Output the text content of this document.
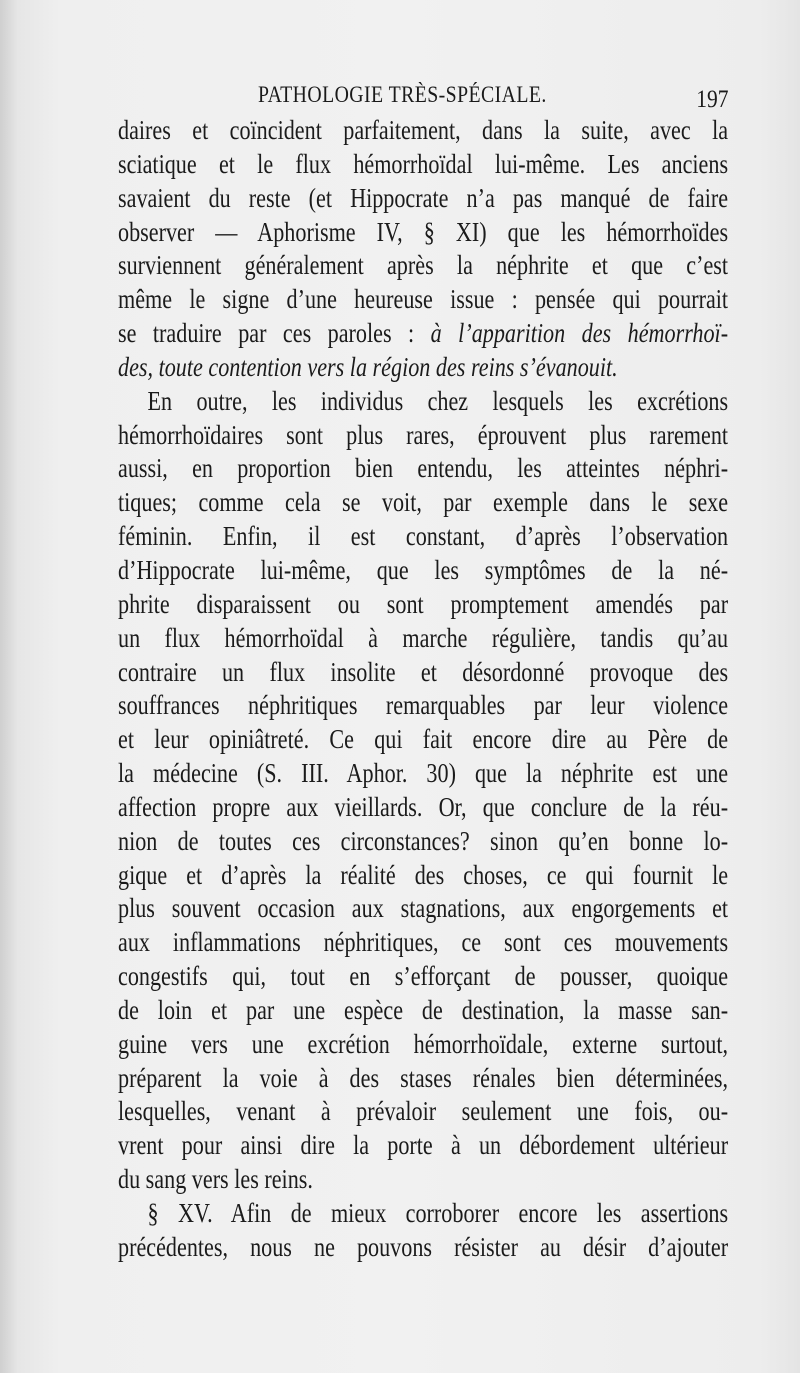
PATHOLOGIE TRÈS-SPÉCIALE.	197
daires et coïncident parfaitement, dans la suite, avec la
sciatique et le flux hémorrhoïdal lui-même. Les anciens
savaient du reste (et Hippocrate n’a pas manqué de faire
observer — Aphorisme IV, § XI) que les hémorrhoïdes
surviennent généralement après la néphrite et que c’est
même le signe d’une heureuse issue : pensée qui pourrait
se traduire par ces paroles : à l’apparition des hémorrhoï-
des, toute contention vers la région des reins s’évanouit.
En outre, les individus chez lesquels les excrétions
hémorrhoïdaires sont plus rares, éprouvent plus rarement
aussi, en proportion bien entendu, les atteintes néphri-
tiques; comme cela se voit, par exemple dans le sexe
féminin. Enfin, il est constant, d’après l’observation
d’Hippocrate lui-même, que les symptômes de la né-
phrite disparaissent ou sont promptement amendés par
un flux hémorrhoïdal à marche régulière, tandis qu’au
contraire un flux insolite et désordonné provoque des
souffrances néphritiques remarquables par leur violence
et leur opiniâtreté. Ce qui fait encore dire au Père de
la médecine (S. III. Aphor. 30) que la néphrite est une
affection propre aux vieillards. Or, que conclure de la réu-
nion de toutes ces circonstances? sinon qu’en bonne lo-
gique et d’après la réalité des choses, ce qui fournit le
plus souvent occasion aux stagnations, aux engorgements et
aux inflammations néphritiques, ce sont ces mouvements
congestifs qui, tout en s’efforçant de pousser, quoique
de loin et par une espèce de destination, la masse san-
guine vers une excrétion hémorrhoïdale, externe surtout,
préparent la voie à des stases rénales bien déterminées,
lesquelles, venant à prévaloir seulement une fois, ou-
vrent pour ainsi dire la porte à un débordement ultérieur
du sang vers les reins.
§ XV. Afin de mieux corroborer encore les assertions
précédentes, nous ne pouvons résister au désir d’ajouter
